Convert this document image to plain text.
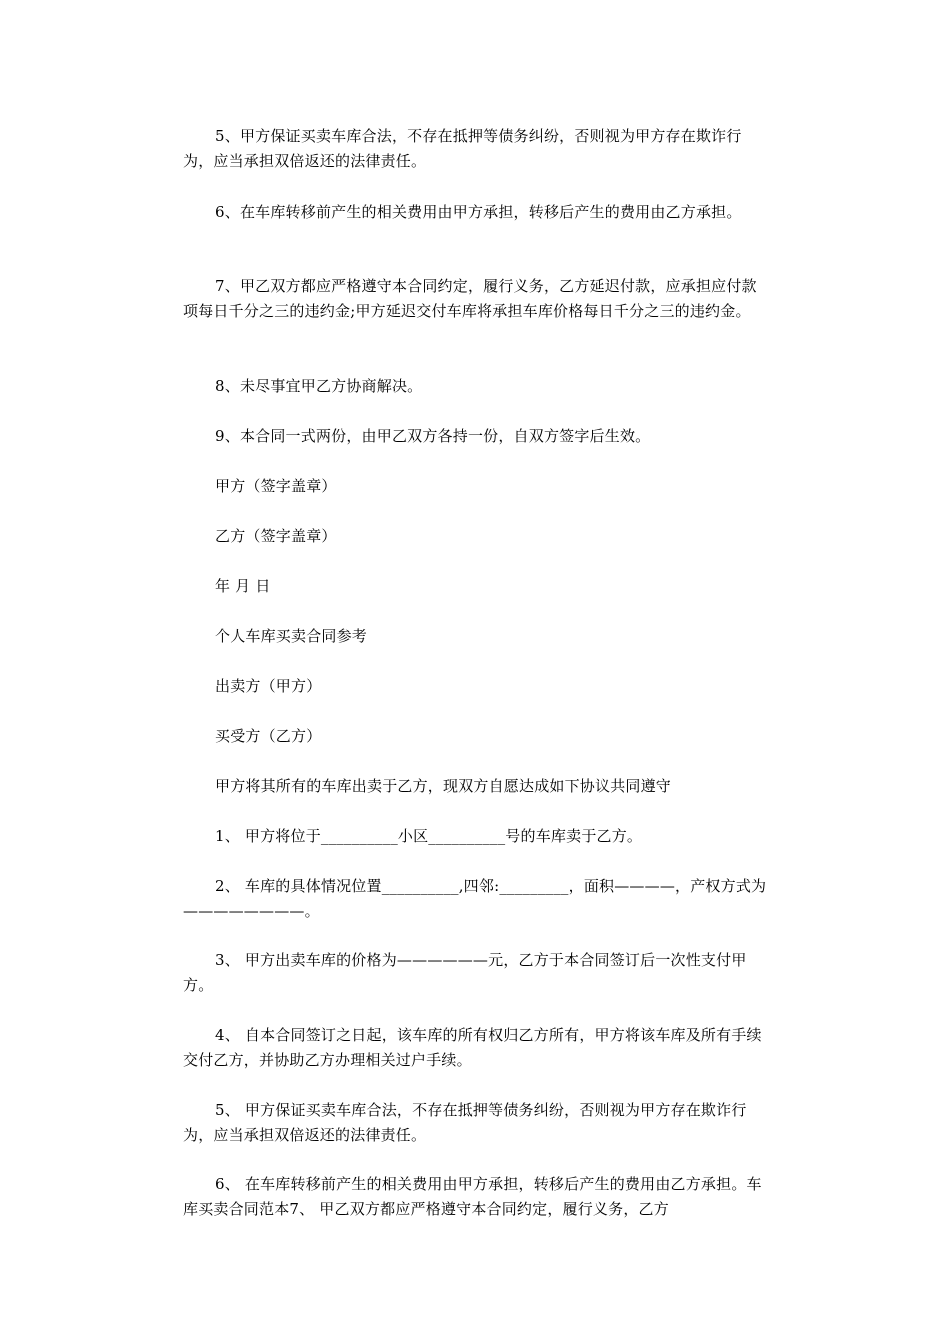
5、甲方保证买卖车库合法，不存在抵押等债务纠纷，否则视为甲方存在欺诈行为，应当承担双倍返还的法律责任。

6、在车库转移前产生的相关费用由甲方承担，转移后产生的费用由乙方承担。

7、甲乙双方都应严格遵守本合同约定，履行义务，乙方延迟付款，应承担应付款项每日千分之三的违约金;甲方延迟交付车库将承担车库价格每日千分之三的违约金。

8、未尽事宜甲乙方协商解决。

9、本合同一式两份，由甲乙双方各持一份，自双方签字后生效。

甲方（签字盖章）

乙方（签字盖章）

年 月 日

个人车库买卖合同参考

出卖方（甲方）

买受方（乙方）

甲方将其所有的车库出卖于乙方，现双方自愿达成如下协议共同遵守

1、 甲方将位于__________小区__________号的车库卖于乙方。

2、 车库的具体情况位置__________,四邻:_________，面积————，产权方式为————————。

3、 甲方出卖车库的价格为——————元，乙方于本合同签订后一次性支付甲方。

4、 自本合同签订之日起，该车库的所有权归乙方所有，甲方将该车库及所有手续交付乙方，并协助乙方办理相关过户手续。

5、 甲方保证买卖车库合法，不存在抵押等债务纠纷，否则视为甲方存在欺诈行为，应当承担双倍返还的法律责任。

6、 在车库转移前产生的相关费用由甲方承担，转移后产生的费用由乙方承担。车库买卖合同范本7、 甲乙双方都应严格遵守本合同约定，履行义务，乙方
